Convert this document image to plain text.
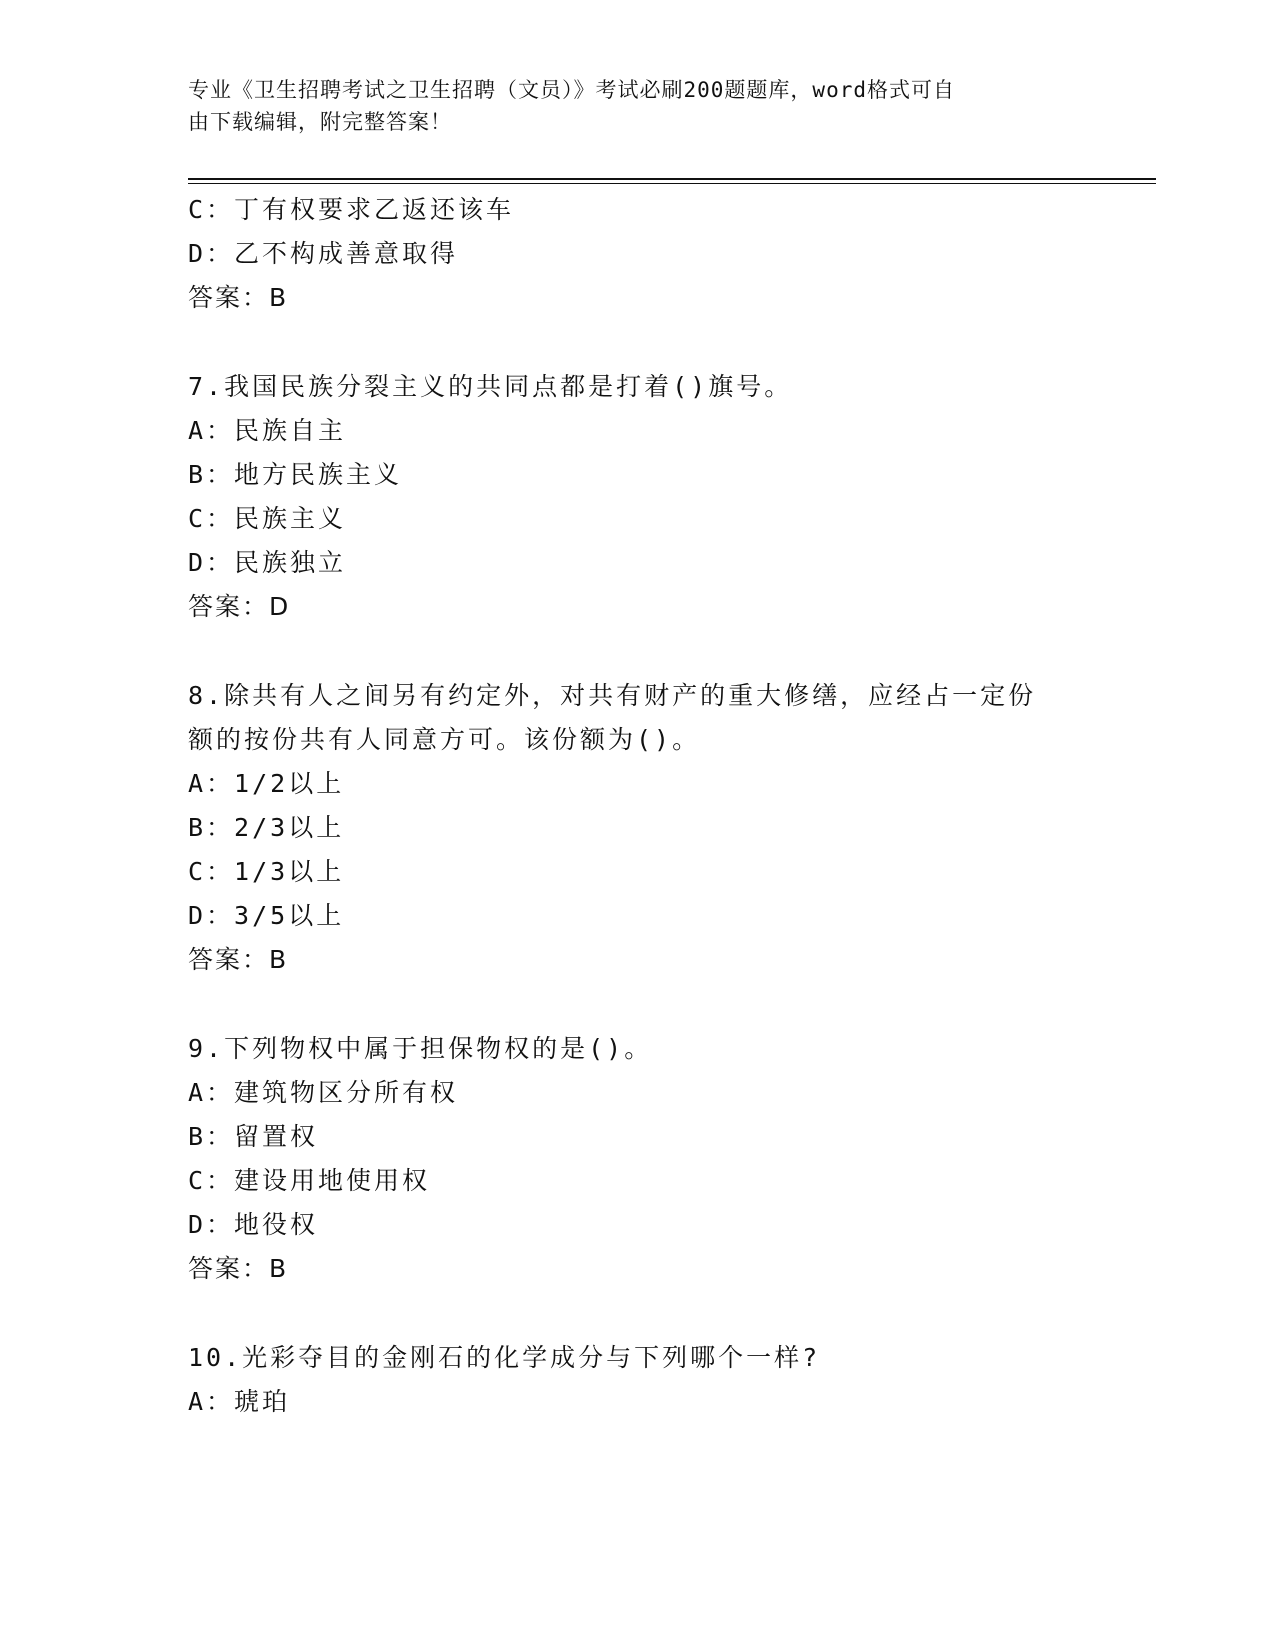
专业《卫生招聘考试之卫生招聘（文员）》考试必刷200题题库，word格式可自
由下载编辑，附完整答案！
C：丁有权要求乙返还该车
D：乙不构成善意取得
答案：B
7.我国民族分裂主义的共同点都是打着()旗号。
A：民族自主
B：地方民族主义
C：民族主义
D：民族独立
答案：D
8.除共有人之间另有约定外，对共有财产的重大修缮，应经占一定份
额的按份共有人同意方可。该份额为()。
A：1/2以上
B：2/3以上
C：1/3以上
D：3/5以上
答案：B
9.下列物权中属于担保物权的是()。
A：建筑物区分所有权
B：留置权
C：建设用地使用权
D：地役权
答案：B
10.光彩夺目的金刚石的化学成分与下列哪个一样?
A：琥珀
